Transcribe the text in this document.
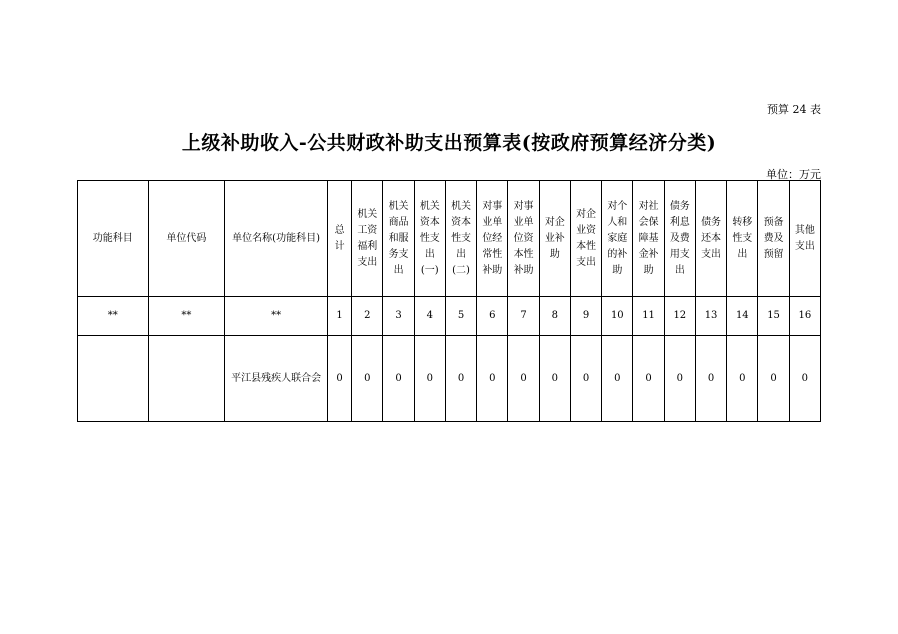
预算 24 表
上级补助收入-公共财政补助支出预算表(按政府预算经济分类)
单位：万元
功能科目	单位代码	单位名称(功能科目)	总计	机关工资福利支出	机关商品和服务支出	机关资本性支出(一)	机关资本性支出(二)	对事业单位经常性补助	对事业单位资本性补助	对企业补助	对企业资本性支出	对个人和家庭的补助	对社会保障基金补助	债务利息及费用支出	债务还本支出	转移性支出	预备费及预留	其他支出
**	**	**	1	2	3	4	5	6	7	8	9	10	11	12	13	14	15	16
		平江县残疾人联合会	0	0	0	0	0	0	0	0	0	0	0	0	0	0	0	0
